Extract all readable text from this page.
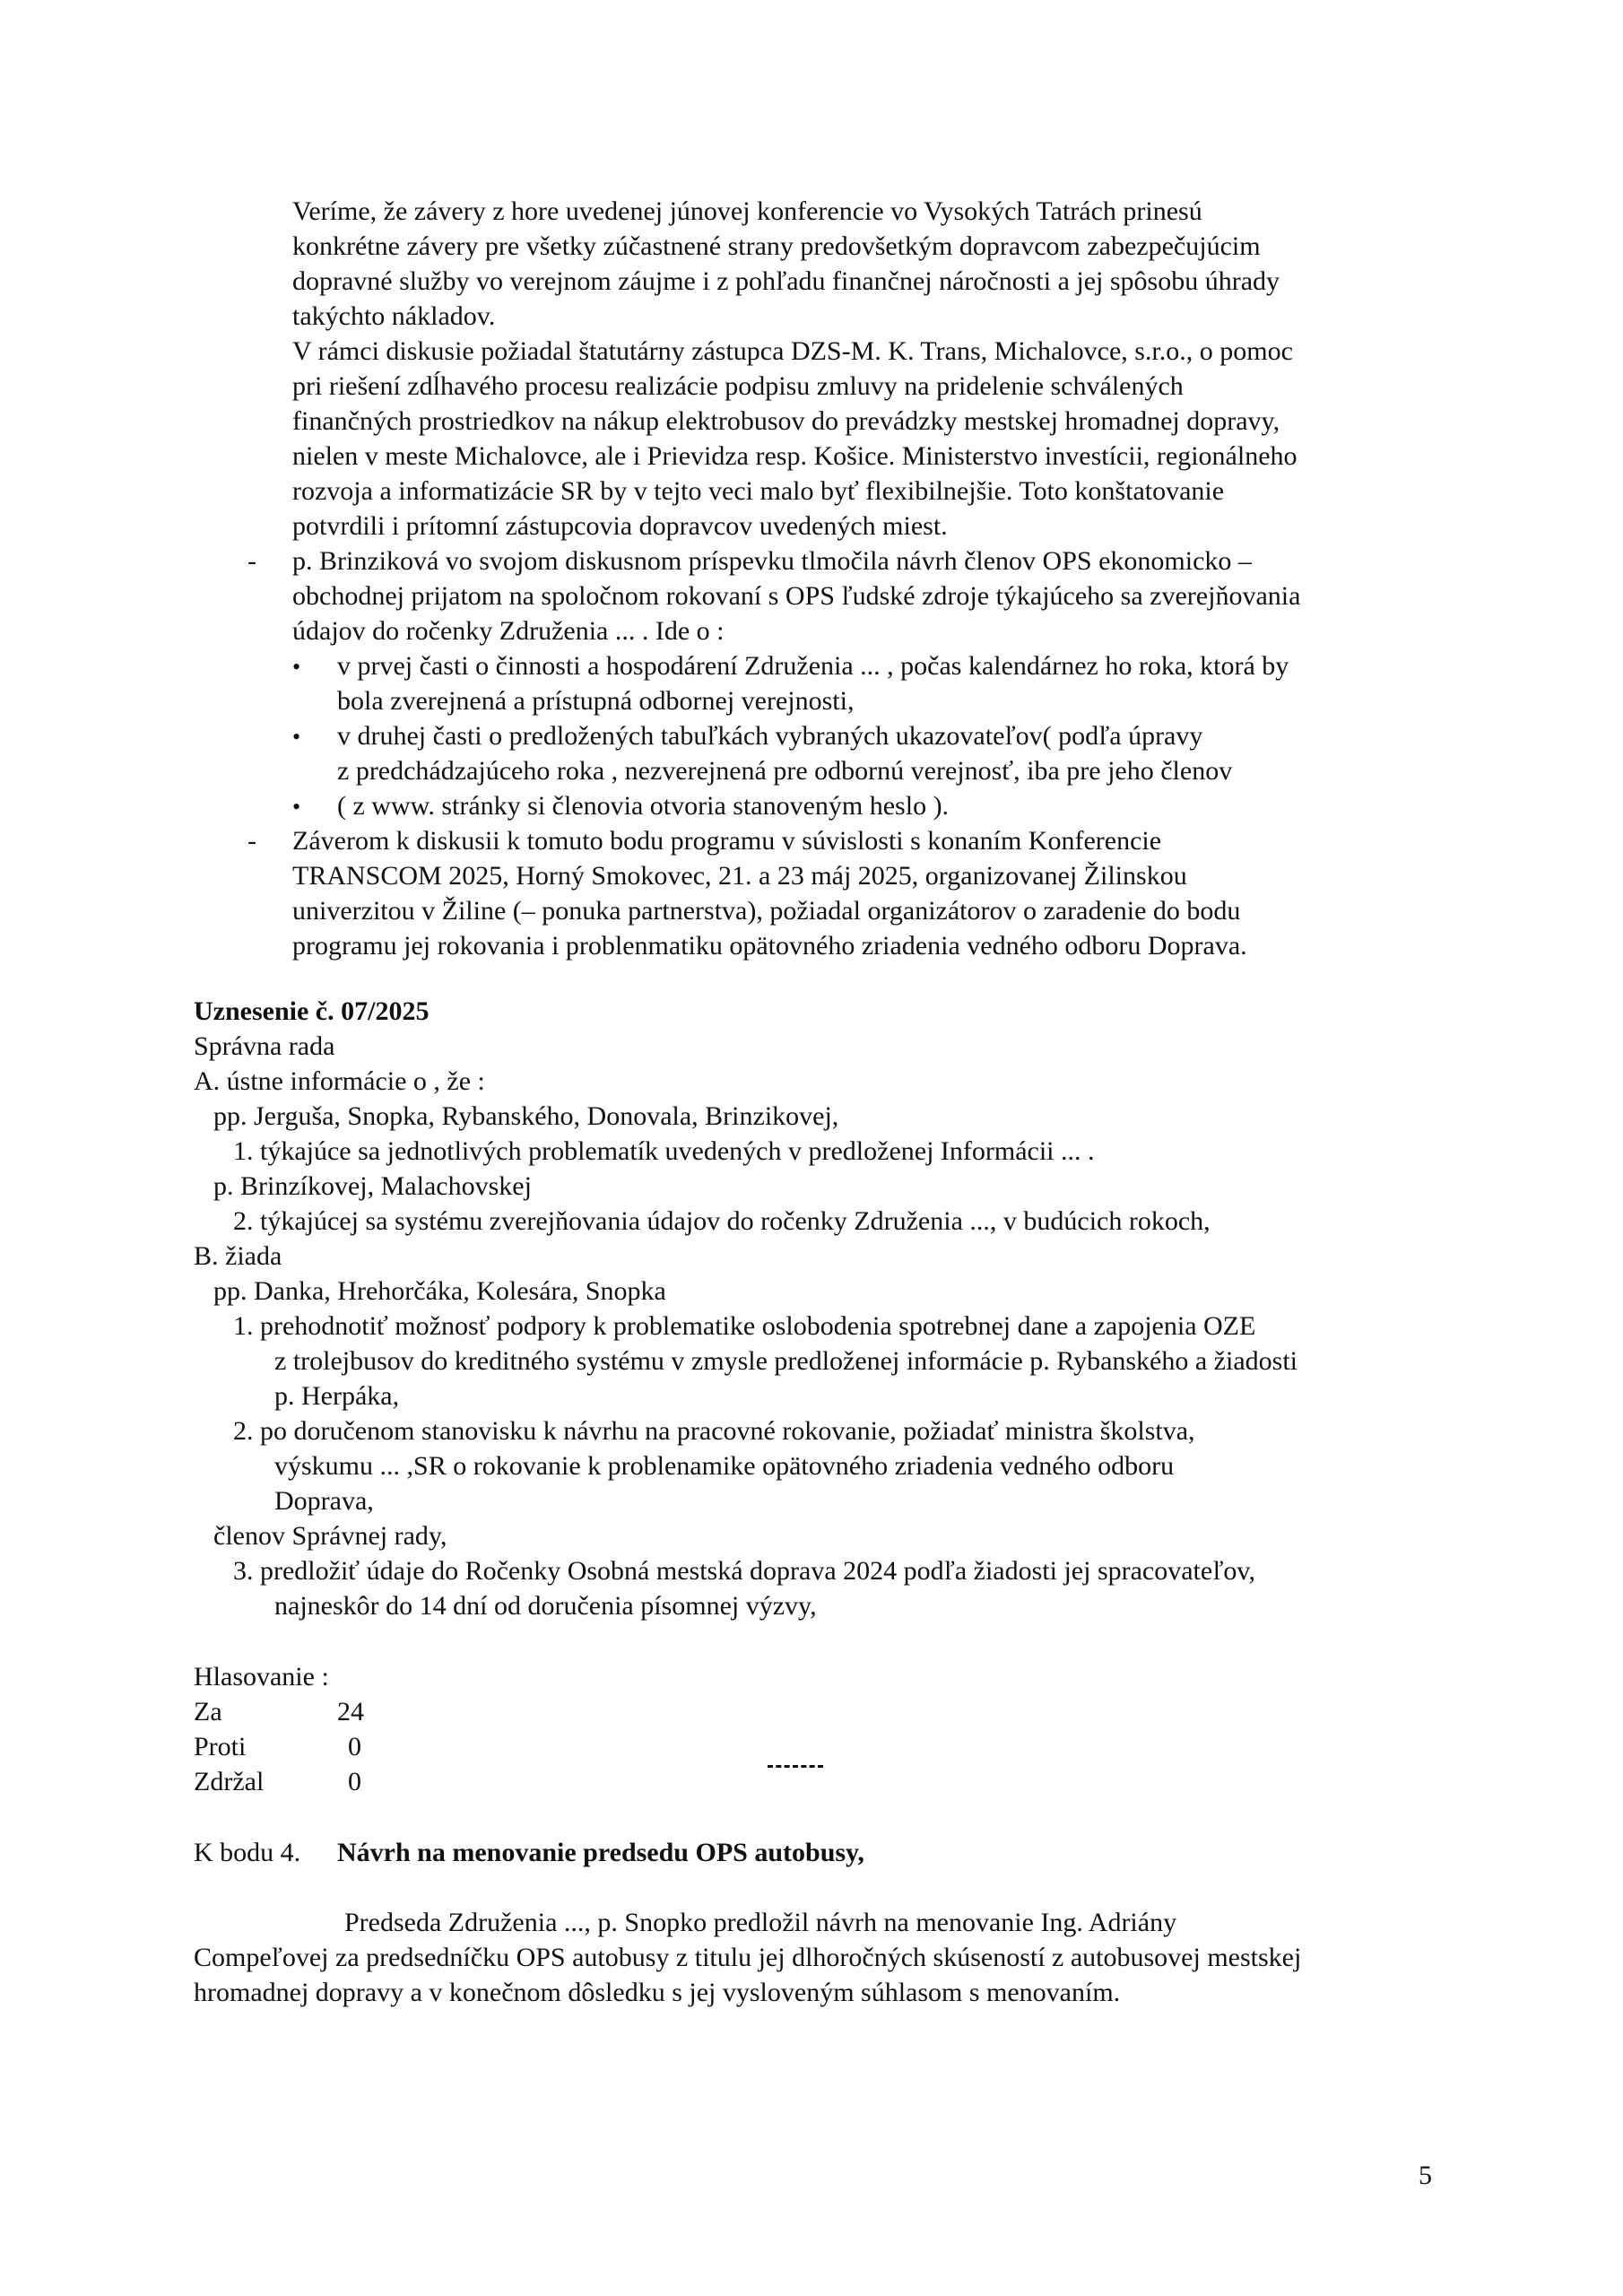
Veríme, že závery z hore uvedenej júnovej konferencie vo Vysokých Tatrách prinesú
konkrétne závery pre všetky zúčastnené strany predovšetkým dopravcom zabezpečujúcim
dopravné služby vo verejnom záujme i z pohľadu finančnej náročnosti a jej spôsobu úhrady
takýchto nákladov.
V rámci diskusie požiadal štatutárny zástupca DZS-M. K. Trans, Michalovce, s.r.o., o pomoc
pri riešení zdĺhavého procesu realizácie podpisu zmluvy na pridelenie schválených
finančných prostriedkov na nákup elektrobusov do prevádzky mestskej hromadnej dopravy,
nielen v meste Michalovce, ale i Prievidza resp. Košice. Ministerstvo investícii, regionálneho
rozvoja a informatizácie SR by v tejto veci malo byť flexibilnejšie. Toto konštatovanie
potvrdili i prítomní zástupcovia dopravcov uvedených miest.
- p. Brinziková vo svojom diskusnom príspevku tlmočila návrh členov OPS ekonomicko –
obchodnej prijatom na spoločnom rokovaní s OPS ľudské zdroje týkajúceho sa zverejňovania
údajov do ročenky Združenia ... . Ide o :
• v prvej časti o činnosti a hospodárení Združenia ... , počas kalendárnez ho roka, ktorá by
bola zverejnená a prístupná odbornej verejnosti,
• v druhej časti o predložených tabuľkách vybraných ukazovateľov( podľa úpravy
z predchádzajúceho roka , nezverejnená pre odbornú verejnosť, iba pre jeho členov
• ( z www. stránky si členovia otvoria stanoveným heslo ).
- Záverom k diskusii k tomuto bodu programu v súvislosti s konaním Konferencie
TRANSCOM 2025, Horný Smokovec, 21. a 23 máj 2025, organizovanej Žilinskou
univerzitou v Žiline (– ponuka partnerstva), požiadal organizátorov o zaradenie do bodu
programu jej rokovania i problenmatiku opätovného zriadenia vedného odboru Doprava.
Uznesenie č. 07/2025
Správna rada
A. ústne informácie o , že :
pp. Jerguša, Snopka, Rybanského, Donovala, Brinzikovej,
1. týkajúce sa jednotlivých problematík uvedených v predloženej Informácii ... .
p. Brinzíkovej, Malachovskej
2. týkajúcej sa systému zverejňovania údajov do ročenky Združenia ..., v budúcich rokoch,
B. žiada
pp. Danka, Hrehorčáka, Kolesára, Snopka
1. prehodnotiť možnosť podpory k problematike oslobodenia spotrebnej dane a zapojenia OZE
z trolejbusov do kreditného systému v zmysle predloženej informácie p. Rybanského a žiadosti
p. Herpáka,
2. po doručenom stanovisku k návrhu na pracovné rokovanie, požiadať ministra školstva,
výskumu ... ,SR o rokovanie k problenamike opätovného zriadenia vedného odboru
Doprava,
členov Správnej rady,
3. predložiť údaje do Ročenky Osobná mestská doprava 2024 podľa žiadosti jej spracovateľov,
najneskôr do 14 dní od doručenia písomnej výzvy,
Hlasovanie :
Za	24
Proti	0
Zdržal	0
K bodu 4. Návrh na menovanie predsedu OPS autobusy,
Predseda Združenia ..., p. Snopko predložil návrh na menovanie Ing. Adriány
Compeľovej za predsedníčku OPS autobusy z titulu jej dlhoročných skúseností z autobusovej mestskej
hromadnej dopravy a v konečnom dôsledku s jej vysloveným súhlasom s menovaním.
5
